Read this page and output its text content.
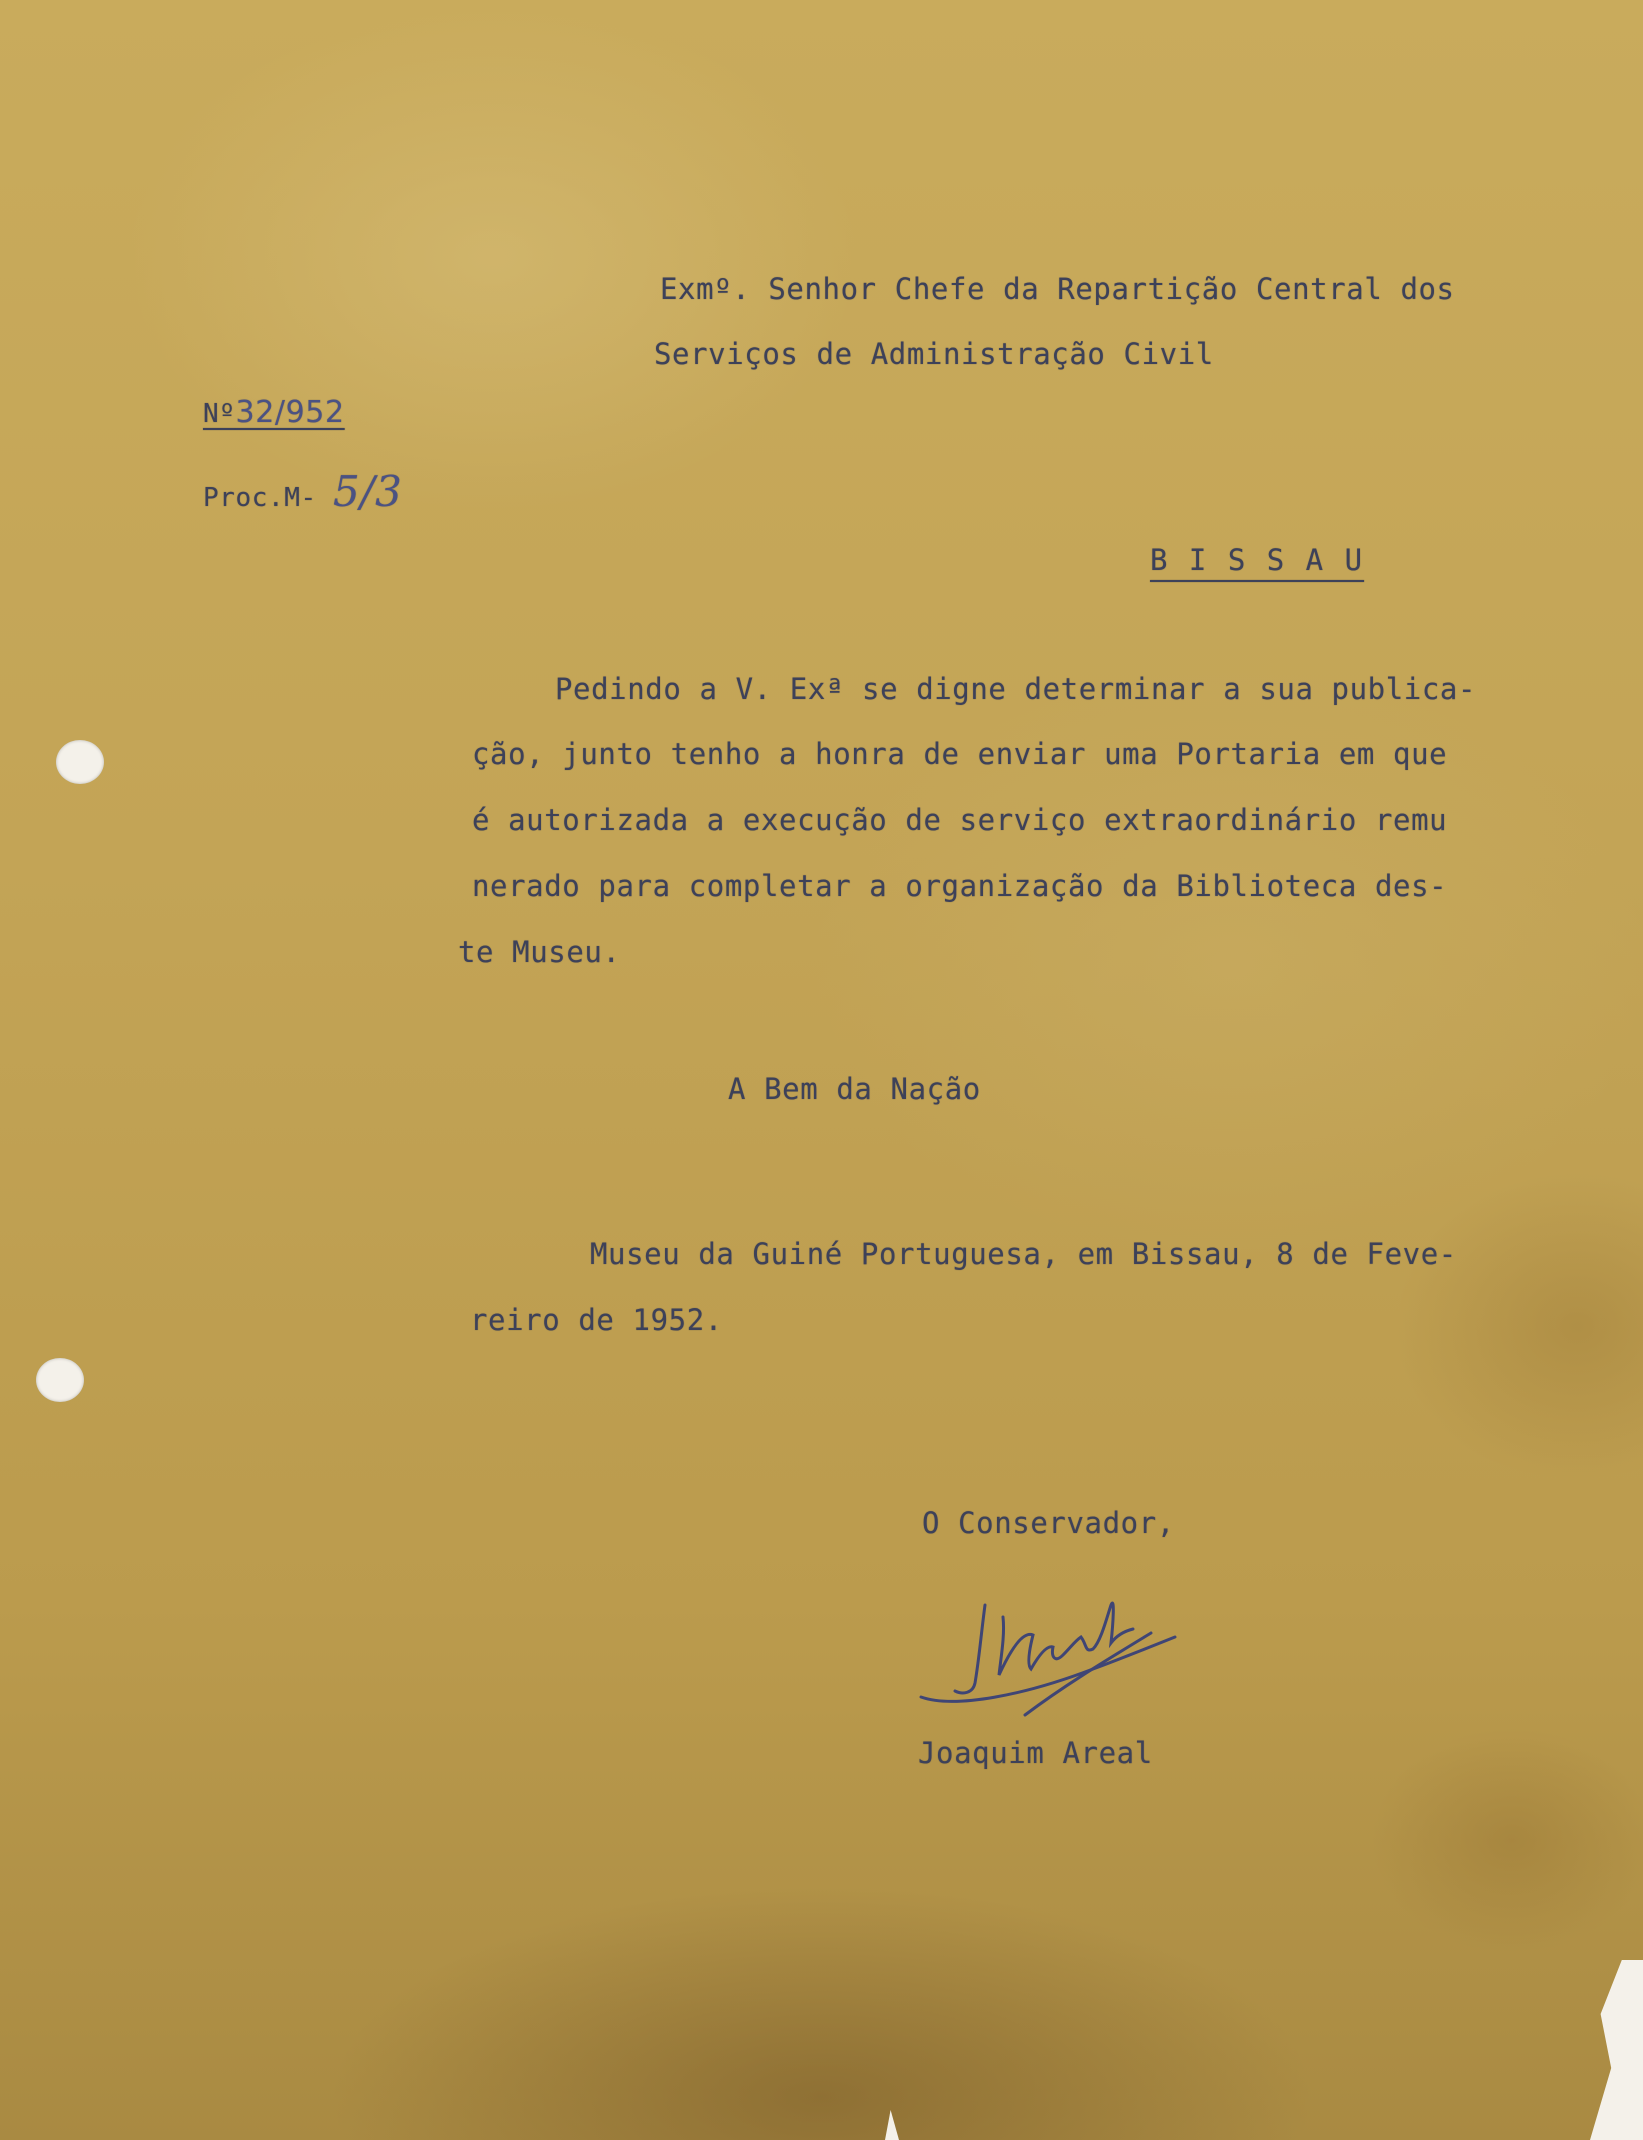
Exmº. Senhor Chefe da Repartição Central dos
Serviços de Administração Civil
Nº32/952
Proc.M- 5/3
B I S S A U
Pedindo a V. Exª se digne determinar a sua publica-
ção, junto tenho a honra de enviar uma Portaria em que
é autorizada a execução de serviço extraordinário remu
nerado para completar a organização da Biblioteca des-
te Museu.
A Bem da Nação
Museu da Guiné Portuguesa, em Bissau, 8 de Feve-
reiro de 1952.
O Conservador,
Joaquim Areal
